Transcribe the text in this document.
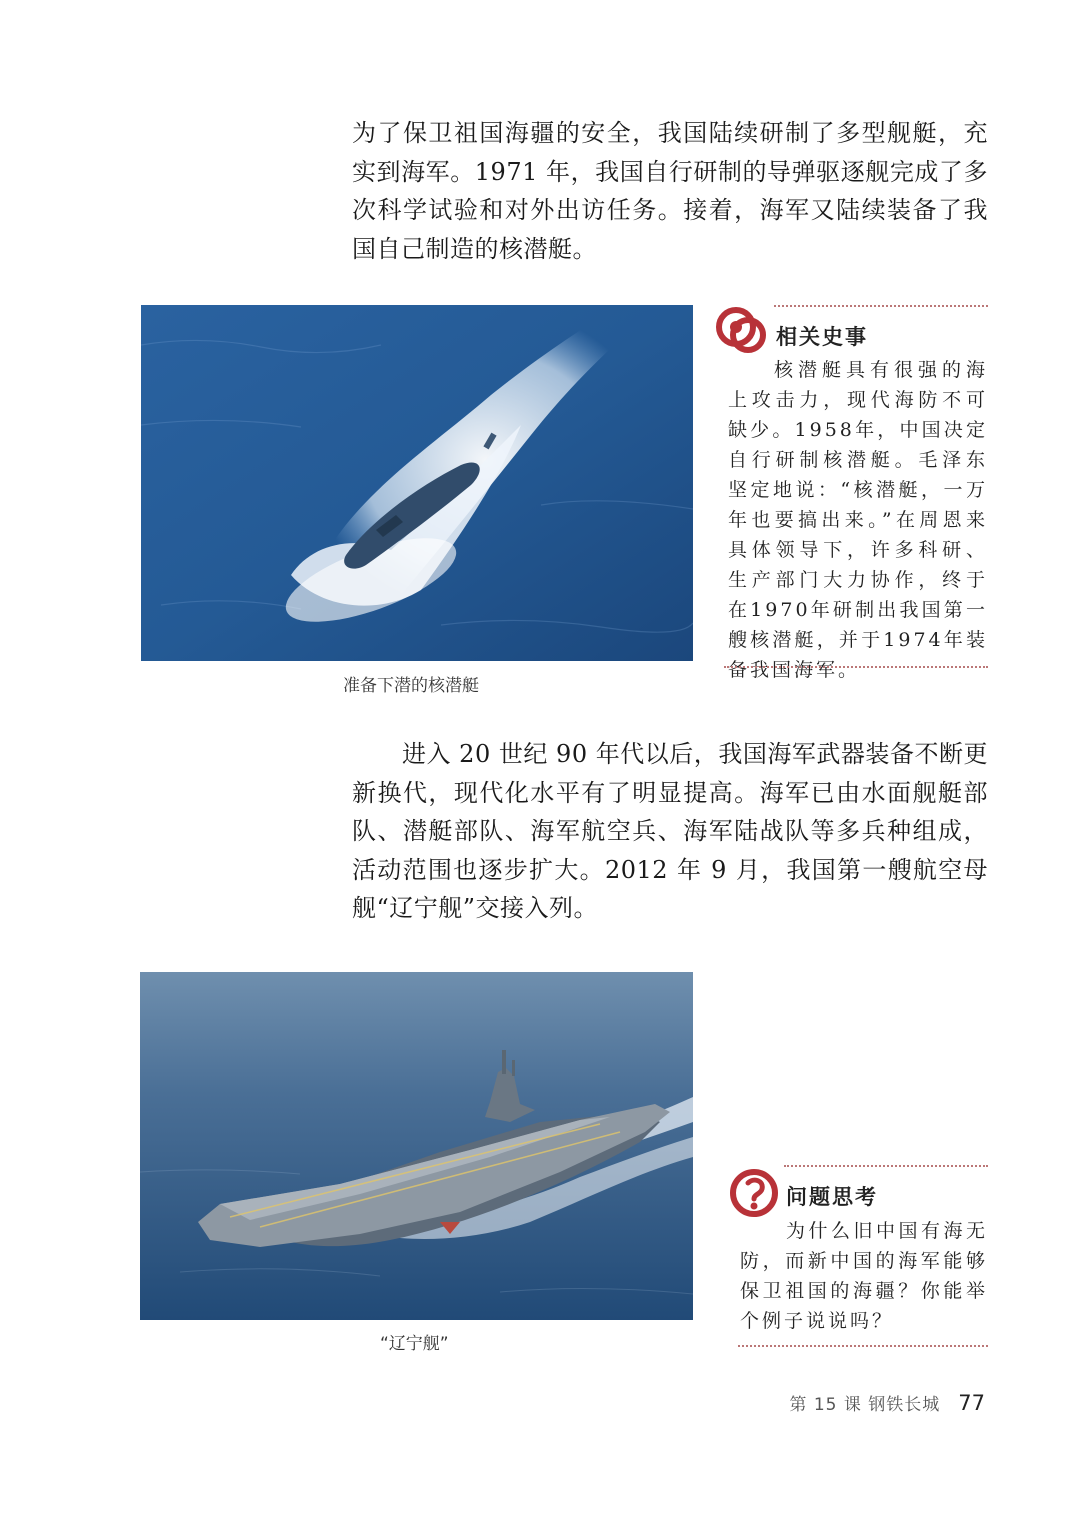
为了保卫祖国海疆的安全，我国陆续研制了多型舰艇，充实到海军。1971 年，我国自行研制的导弹驱逐舰完成了多次科学试验和对外出访任务。接着，海军又陆续装备了我国自己制造的核潜艇。

准备下潜的核潜艇
相关史事

核潜艇具有很强的海上攻击力，现代海防不可缺少。1958年，中国决定自行研制核潜艇。毛泽东坚定地说：“核潜艇，一万年也要搞出来。”在周恩来具体领导下，许多科研、生产部门大力协作，终于在1970年研制出我国第一艘核潜艇，并于1974年装备我国海军。

进入 20 世纪 90 年代以后，我国海军武器装备不断更新换代，现代化水平有了明显提高。海军已由水面舰艇部队、潜艇部队、海军航空兵、海军陆战队等多兵种组成，活动范围也逐步扩大。2012 年 9 月，我国第一艘航空母舰“辽宁舰”交接入列。

“辽宁舰”
问题思考

为什么旧中国有海无防，而新中国的海军能够保卫祖国的海疆？你能举个例子说说吗？

第 15 课 钢铁长城 77
